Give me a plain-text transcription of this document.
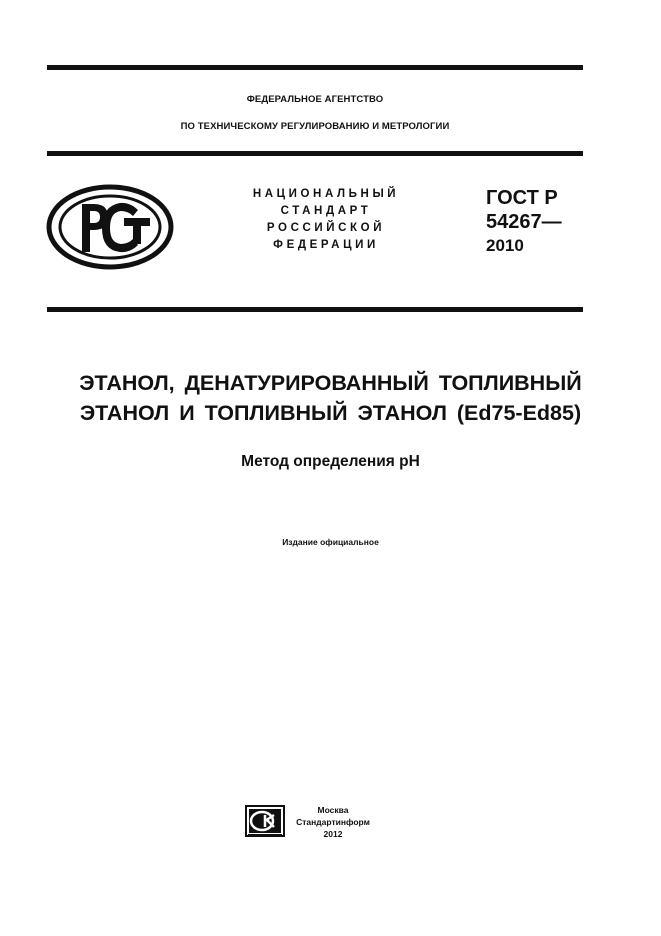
ФЕДЕРАЛЬНОЕ АГЕНТСТВО
ПО ТЕХНИЧЕСКОМУ РЕГУЛИРОВАНИЮ И МЕТРОЛОГИИ
НАЦИОНАЛЬНЫЙ
СТАНДАРТ
РОССИЙСКОЙ
ФЕДЕРАЦИИ
ГОСТ Р
54267—
2010
ЭТАНОЛ, ДЕНАТУРИРОВАННЫЙ ТОПЛИВНЫЙ
ЭТАНОЛ И ТОПЛИВНЫЙ ЭТАНОЛ (Ed75-Ed85)
Метод определения pH
Издание официальное
Москва
Стандартинформ
2012
